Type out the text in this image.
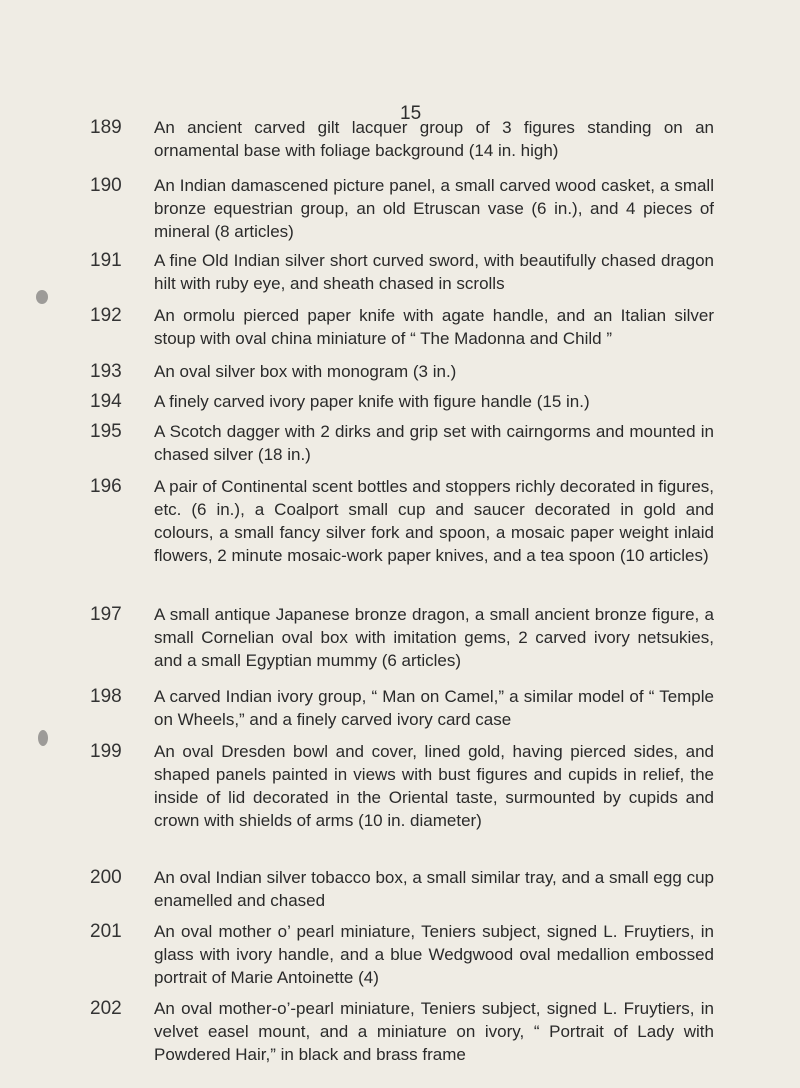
15
189 An ancient carved gilt lacquer group of 3 figures standing on an ornamental base with foliage background (14 in. high)
190 An Indian damascened picture panel, a small carved wood casket, a small bronze equestrian group, an old Etruscan vase (6 in.), and 4 pieces of mineral (8 articles)
191 A fine Old Indian silver short curved sword, with beautifully chased dragon hilt with ruby eye, and sheath chased in scrolls
192 An ormolu pierced paper knife with agate handle, and an Italian silver stoup with oval china miniature of “ The Madonna and Child ”
193 An oval silver box with monogram (3 in.)
194 A finely carved ivory paper knife with figure handle (15 in.)
195 A Scotch dagger with 2 dirks and grip set with cairngorms and mounted in chased silver (18 in.)
196 A pair of Continental scent bottles and stoppers richly decorated in figures, etc. (6 in.), a Coalport small cup and saucer decorated in gold and colours, a small fancy silver fork and spoon, a mosaic paper weight inlaid flowers, 2 minute mosaic-work paper knives, and a tea spoon (10 articles)
197 A small antique Japanese bronze dragon, a small ancient bronze figure, a small Cornelian oval box with imitation gems, 2 carved ivory netsukies, and a small Egyptian mummy (6 articles)
198 A carved Indian ivory group, “ Man on Camel,” a similar model of “ Temple on Wheels,” and a finely carved ivory card case
199 An oval Dresden bowl and cover, lined gold, having pierced sides, and shaped panels painted in views with bust figures and cupids in relief, the inside of lid decorated in the Oriental taste, surmounted by cupids and crown with shields of arms (10 in. diameter)
200 An oval Indian silver tobacco box, a small similar tray, and a small egg cup enamelled and chased
201 An oval mother o’ pearl miniature, Teniers subject, signed L. Fruytiers, in glass with ivory handle, and a blue Wedgwood oval medallion embossed portrait of Marie Antoinette (4)
202 An oval mother-o’-pearl miniature, Teniers subject, signed L. Fruytiers, in velvet easel mount, and a miniature on ivory, “ Portrait of Lady with Powdered Hair,” in black and brass frame
